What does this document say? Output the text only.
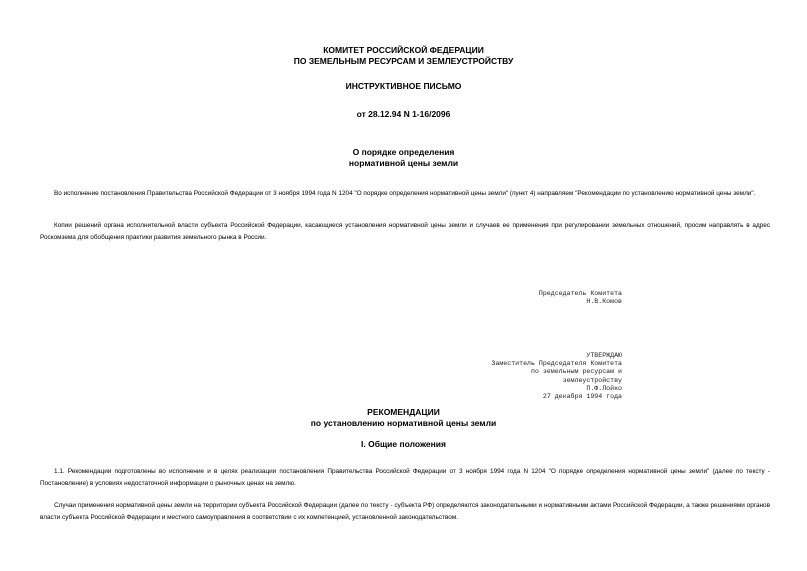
КОМИТЕТ РОССИЙСКОЙ ФЕДЕРАЦИИ
ПО ЗЕМЕЛЬНЫМ РЕСУРСАМ И ЗЕМЛЕУСТРОЙСТВУ
ИНСТРУКТИВНОЕ ПИСЬМО
от 28.12.94 N 1-16/2096
О порядке определения
нормативной цены земли
Во исполнение постановления Правительства Российской Федерации от 3 ноября 1994 года N 1204 "О порядке определения нормативной цены земли" (пункт 4) направляем "Рекомендации по установлению нормативной цены земли".
Копии решений органа исполнительной власти субъекта Российской Федерации, касающиеся установления нормативной цены земли и случаев ее применения при регулировании земельных отношений, просим направлять в адрес Роскомзема для обобщения практики развития земельного рынка в России.
Председатель Комитета
Н.В.Комов
УТВЕРЖДАЮ
Заместитель Председателя Комитета
по земельным ресурсам и
землеустройству
П.Ф.Лойко
27 декабря 1994 года
РЕКОМЕНДАЦИИ
по установлению нормативной цены земли
I. Общие положения
1.1. Рекомендации подготовлены во исполнение и в целях реализации постановления Правительства Российской Федерации от 3 ноября 1994 года N 1204 "О порядке определения нормативной цены земли" (далее по тексту - Постановление) в условиях недостаточной информации о рыночных ценах на землю.
Случаи применения нормативной цены земли на территории субъекта Российской Федерации (далее по тексту - субъекта РФ) определяются законодательными и нормативными актами Российской Федерации, а также решениями органов власти субъекта Российской Федерации и местного самоуправления в соответствии с их компетенцией, установленной законодательством.
